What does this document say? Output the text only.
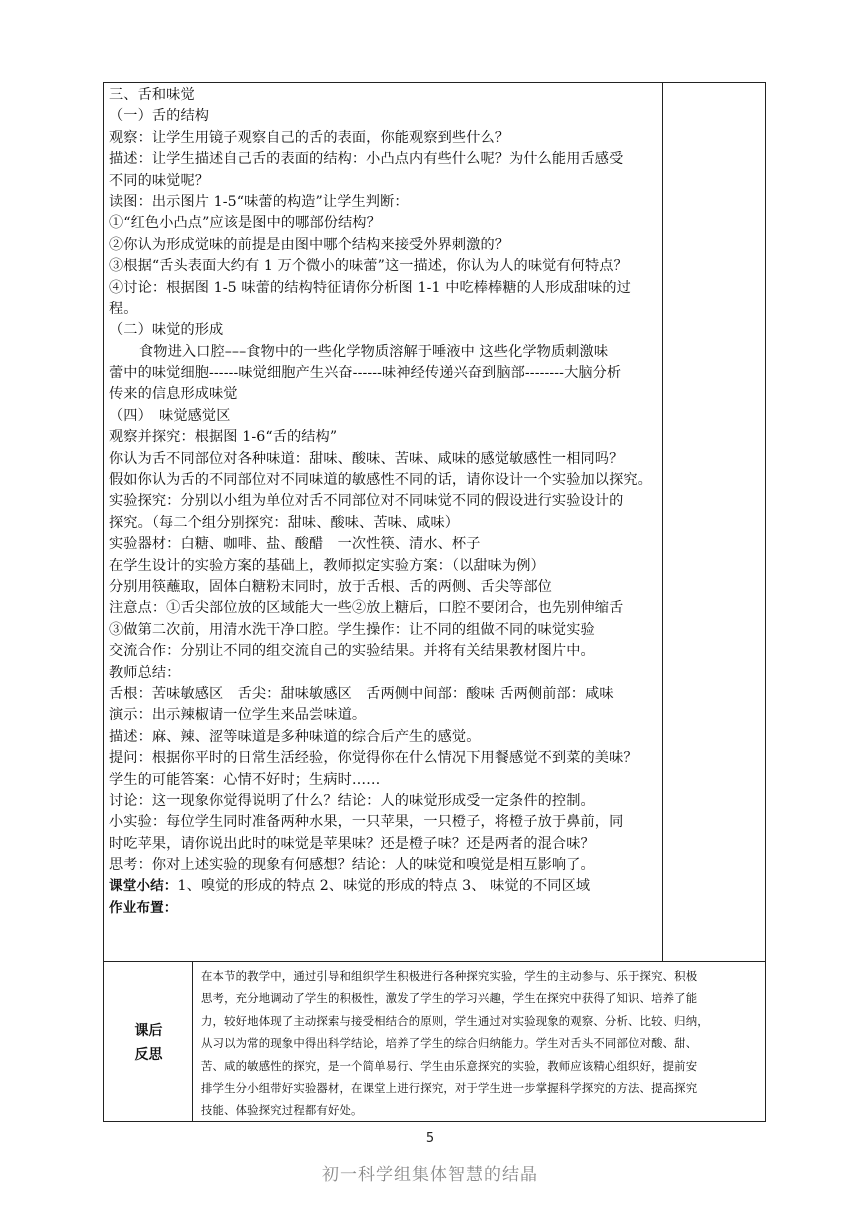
三、舌和味觉
（一）舌的结构
观察：让学生用镜子观察自己的舌的表面，你能观察到些什么？
描述：让学生描述自己舌的表面的结构：小凸点内有些什么呢？为什么能用舌感受
不同的味觉呢？
读图：出示图片 1-5“味蕾的构造”让学生判断：
①“红色小凸点”应该是图中的哪部份结构？
②你认为形成觉味的前提是由图中哪个结构来接受外界刺激的？
③根据“舌头表面大约有 1 万个微小的味蕾”这一描述，你认为人的味觉有何特点？
④讨论：根据图 1-5 味蕾的结构特征请你分析图 1-1 中吃棒棒糖的人形成甜味的过
程。
（二）味觉的形成
食物进入口腔–––食物中的一些化学物质溶解于唾液中 这些化学物质刺激味
蕾中的味觉细胞------味觉细胞产生兴奋------味神经传递兴奋到脑部--------大脑分析
传来的信息形成味觉
（四）　味觉感觉区
观察并探究：根据图 1-6“舌的结构”
你认为舌不同部位对各种味道：甜味、酸味、苦味、咸味的感觉敏感性一相同吗？
假如你认为舌的不同部位对不同味道的敏感性不同的话，请你设计一个实验加以探究。
实验探究：分别以小组为单位对舌不同部位对不同味觉不同的假设进行实验设计的
探究。（每二个组分别探究：甜味、酸味、苦味、咸味）
实验器材：白糖、咖啡、盐、酸醋　一次性筷、清水、杯子
在学生设计的实验方案的基础上，教师拟定实验方案：（以甜味为例）
分别用筷蘸取，固体白糖粉末同时，放于舌根、舌的两侧、舌尖等部位
注意点：①舌尖部位放的区域能大一些②放上糖后，口腔不要闭合，也先别伸缩舌
③做第二次前，用清水洗干净口腔。学生操作：让不同的组做不同的味觉实验
交流合作：分别让不同的组交流自己的实验结果。并将有关结果教材图片中。
教师总结：
舌根：苦味敏感区　舌尖：甜味敏感区　舌两侧中间部：酸味 舌两侧前部：咸味
演示：出示辣椒请一位学生来品尝味道。
描述：麻、辣、涩等味道是多种味道的综合后产生的感觉。
提问：根据你平时的日常生活经验，你觉得你在什么情况下用餐感觉不到菜的美味？
学生的可能答案：心情不好时；生病时……
讨论：这一现象你觉得说明了什么？结论：人的味觉形成受一定条件的控制。
小实验：每位学生同时准备两种水果，一只苹果，一只橙子，将橙子放于鼻前，同
时吃苹果，请你说出此时的味觉是苹果味？还是橙子味？还是两者的混合味？
思考：你对上述实验的现象有何感想？结论：人的味觉和嗅觉是相互影响了。
课堂小结：1、嗅觉的形成的特点 2、味觉的形成的特点 3、 味觉的不同区域
作业布置：
课后
反思
在本节的教学中，通过引导和组织学生积极进行各种探究实验，学生的主动参与、乐于探究、积极
思考，充分地调动了学生的积极性，激发了学生的学习兴趣，学生在探究中获得了知识、培养了能
力，较好地体现了主动探索与接受相结合的原则，学生通过对实验现象的观察、分析、比较、归纳，
从习以为常的现象中得出科学结论，培养了学生的综合归纳能力。学生对舌头不同部位对酸、甜、
苦、咸的敏感性的探究，是一个简单易行、学生由乐意探究的实验，教师应该精心组织好，提前安
排学生分小组带好实验器材，在课堂上进行探究，对于学生进一步掌握科学探究的方法、提高探究
技能、体验探究过程都有好处。
5
初一科学组集体智慧的结晶
